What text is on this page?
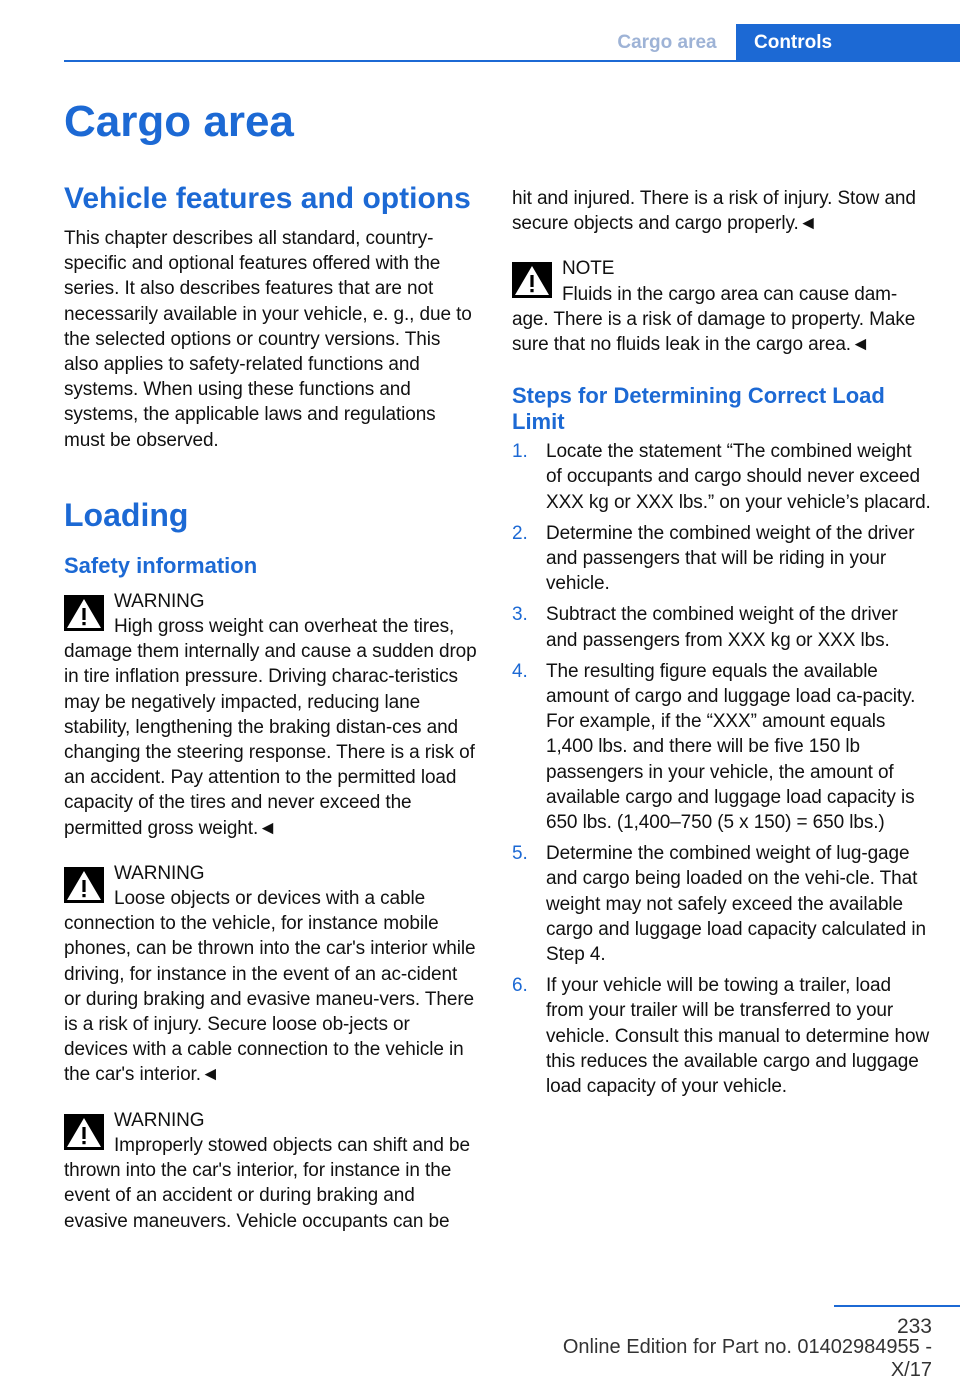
Cargo area	Controls
Cargo area
Vehicle features and options

This chapter describes all standard, country-specific and optional features offered with the series. It also describes features that are not necessarily available in your vehicle, e. g., due to the selected options or country versions. This also applies to safety-related functions and systems. When using these functions and systems, the applicable laws and regulations must be observed.

Loading
Safety information
WARNING
High gross weight can overheat the tires, damage them internally and cause a sudden drop in tire inflation pressure. Driving charac-teristics may be negatively impacted, reducing lane stability, lengthening the braking distan-ces and changing the steering response. There is a risk of an accident. Pay attention to the permitted load capacity of the tires and never exceed the permitted gross weight.◄
WARNING
Loose objects or devices with a cable connection to the vehicle, for instance mobile phones, can be thrown into the car's interior while driving, for instance in the event of an ac-cident or during braking and evasive maneu-vers. There is a risk of injury. Secure loose ob-jects or devices with a cable connection to the vehicle in the car's interior.◄
WARNING
Improperly stowed objects can shift and be thrown into the car's interior, for instance in the event of an accident or during braking and evasive maneuvers. Vehicle occupants can be

hit and injured. There is a risk of injury. Stow and secure objects and cargo properly.◄

NOTE
Fluids in the cargo area can cause dam-age. There is a risk of damage to property. Make sure that no fluids leak in the cargo area.◄
Steps for Determining Correct Load Limit
1. Locate the statement “The combined weight of occupants and cargo should never exceed XXX kg or XXX lbs.” on your vehicle’s placard.
2. Determine the combined weight of the driver and passengers that will be riding in your vehicle.
3. Subtract the combined weight of the driver and passengers from XXX kg or XXX lbs.
4. The resulting figure equals the available amount of cargo and luggage load ca-pacity. For example, if the “XXX” amount equals 1,400 lbs. and there will be five 150 lb passengers in your vehicle, the amount of available cargo and luggage load capacity is 650 lbs. (1,400–750 (5 x 150) = 650 lbs.)
5. Determine the combined weight of lug-gage and cargo being loaded on the vehi-cle. That weight may not safely exceed the available cargo and luggage load capacity calculated in Step 4.
6. If your vehicle will be towing a trailer, load from your trailer will be transferred to your vehicle. Consult this manual to determine how this reduces the available cargo and luggage load capacity of your vehicle.
233
Online Edition for Part no. 01402984955 - X/17
